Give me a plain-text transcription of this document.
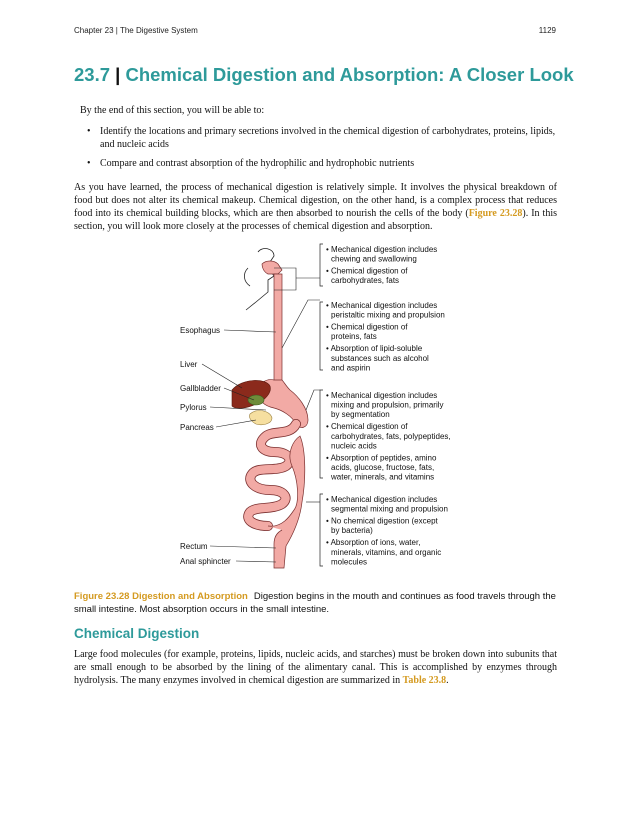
Chapter 23 | The Digestive System	1129
23.7 | Chemical Digestion and Absorption: A Closer Look
By the end of this section, you will be able to:
• Identify the locations and primary secretions involved in the chemical digestion of carbohydrates, proteins, lipids, and nucleic acids
• Compare and contrast absorption of the hydrophilic and hydrophobic nutrients
As you have learned, the process of mechanical digestion is relatively simple. It involves the physical breakdown of food but does not alter its chemical makeup. Chemical digestion, on the other hand, is a complex process that reduces food into its chemical building blocks, which are then absorbed to nourish the cells of the body (Figure 23.28). In this section, you will look more closely at the processes of chemical digestion and absorption.
Esophagus
Liver
Gallbladder
Pylorus
Pancreas
Rectum
Anal sphincter
• Mechanical digestion includes
chewing and swallowing
• Chemical digestion of
carbohydrates, fats
• Mechanical digestion includes
peristaltic mixing and propulsion
• Chemical digestion of
proteins, fats
• Absorption of lipid-soluble
substances such as alcohol
and aspirin
• Mechanical digestion includes
mixing and propulsion, primarily
by segmentation
• Chemical digestion of
carbohydrates, fats, polypeptides,
nucleic acids
• Absorption of peptides, amino
acids, glucose, fructose, fats,
water, minerals, and vitamins
• Mechanical digestion includes
segmental mixing and propulsion
• No chemical digestion (except
by bacteria)
• Absorption of ions, water,
minerals, vitamins, and organic
molecules
Figure 23.28 Digestion and Absorption Digestion begins in the mouth and continues as food travels through the small intestine. Most absorption occurs in the small intestine.
Chemical Digestion
Large food molecules (for example, proteins, lipids, nucleic acids, and starches) must be broken down into subunits that are small enough to be absorbed by the lining of the alimentary canal. This is accomplished by enzymes through hydrolysis. The many enzymes involved in chemical digestion are summarized in Table 23.8.
